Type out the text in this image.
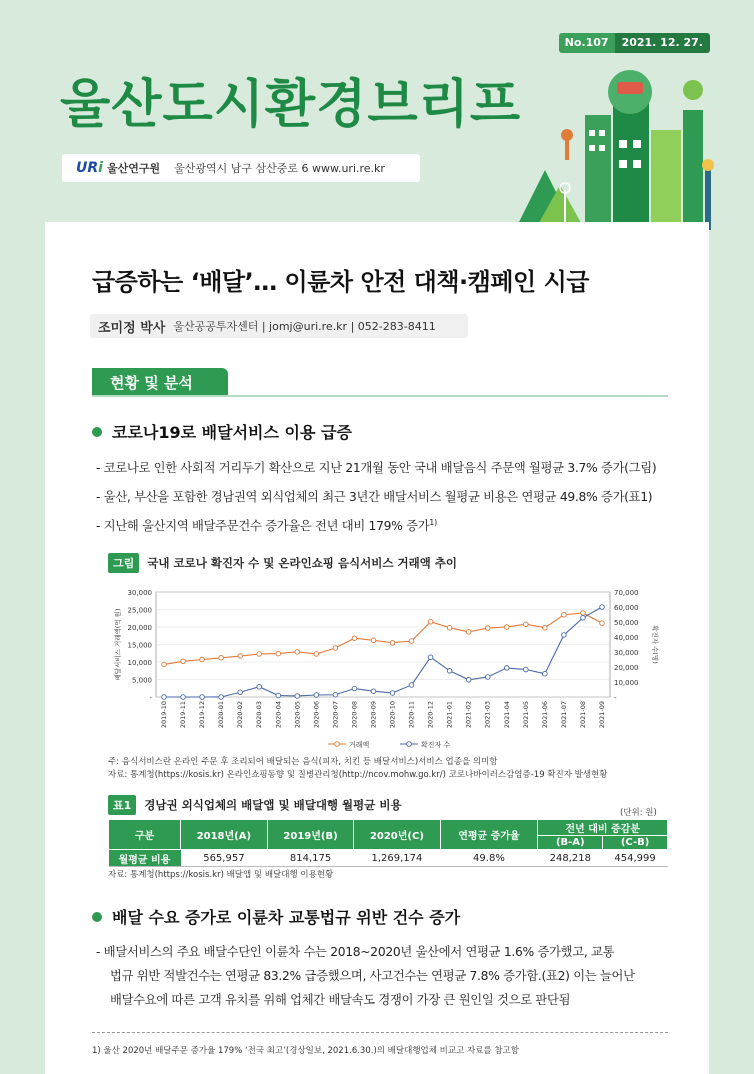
No.107	2021. 12. 27.
울산도시환경브리프
URi 울산연구원 울산광역시 남구 삼산중로 6 www.uri.re.kr
급증하는 ‘배달’… 이륜차 안전 대책·캠페인 시급
조미정 박사 울산공공투자센터 | jomj@uri.re.kr | 052-283-8411
현황 및 분석
코로나19로 배달서비스 이용 급증
- 코로나로 인한 사회적 거리두기 확산으로 지난 21개월 동안 국내 배달음식 주문액 월평균 3.7% 증가(그림)
- 울산, 부산을 포함한 경남권역 외식업체의 최근 3년간 배달서비스 월평균 비용은 연평균 49.8% 증가(표1)
- 지난해 울산지역 배달주문건수 증가율은 전년 대비 179% 증가$^{1)}$
그림	국내 코로나 확진자 수 및 온라인쇼핑 음식서비스 거래액 추이
30,000
25,000
20,000
15,000
10,000
5,000
-
70,000
60,000
50,000
40,000
30,000
20,000
10,000
-
배달서비스 거래액(억 원)	확진자 수(명)
2019-10 2019-11 2019-12 2020-01 2020-02 2020-03 2020-04 2020-05 2020-06 2020-07 2020-08 2020-09 2020-10 2020-11 2020-12 2021-01 2021-02 2021-03 2021-04 2021-05 2021-06 2021-07 2021-08 2021-09
거래액	확진자 수
주: 음식서비스란 온라인 주문 후 조리되어 배달되는 음식(피자, 치킨 등 배달서비스)서비스 업종을 의미함
자료: 통계청(https://kosis.kr) 온라인쇼핑동향 및 질병관리청(http://ncov.mohw.go.kr/) 코로나바이러스감염증-19 확진자 발생현황
표1	경남권 외식업체의 배달앱 및 배달대행 월평균 비용
(단위: 원)
구분	2018년(A)	2019년(B)	2020년(C)	연평균 증가율	전년 대비 증감분	
					(B-A)	(C-B)
월평균 비용	565,957	814,175	1,269,174	49.8%	248,218	454,999
자료: 통계청(https://kosis.kr) 배달앱 및 배달대행 이용현황
배달 수요 증가로 이륜차 교통법규 위반 건수 증가
- 배달서비스의 주요 배달수단인 이륜차 수는 2018~2020년 울산에서 연평균 1.6% 증가했고, 교통
법규 위반 적발건수는 연평균 83.2% 급증했으며, 사고건수는 연평균 7.8% 증가함.(표2) 이는 늘어난
배달수요에 따른 고객 유치를 위해 업체간 배달속도 경쟁이 가장 큰 원인일 것으로 판단됨
1) 울산 2020년 배달주문 증가율 179% ‘전국 최고’(경상일보, 2021.6.30.)의 배달대행업체 비교고 자료를 참고함
